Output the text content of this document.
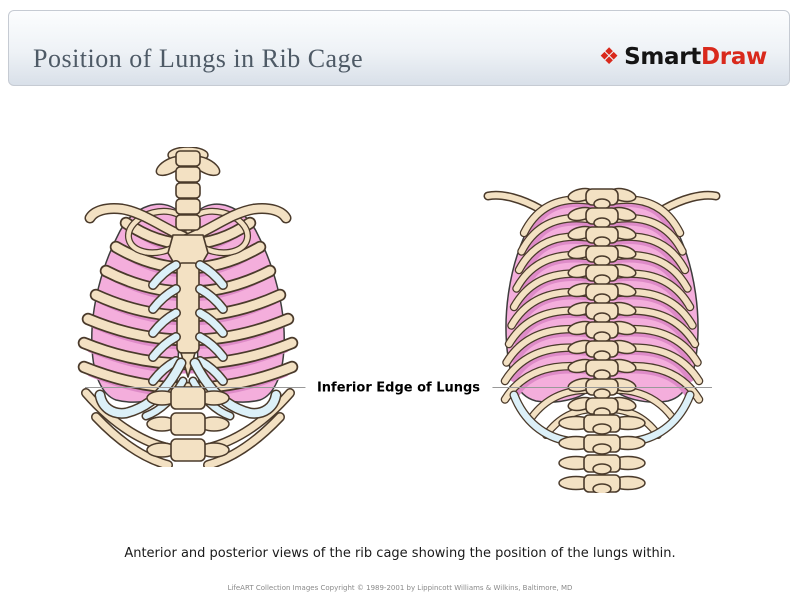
Position of Lungs in Rib Cage	❖ Smart Draw
Inferior Edge of Lungs

Anterior and posterior views of the rib cage showing the position of the lungs within.

LifeART Collection Images Copyright © 1989-2001 by Lippincott Williams & Wilkins, Baltimore, MD
